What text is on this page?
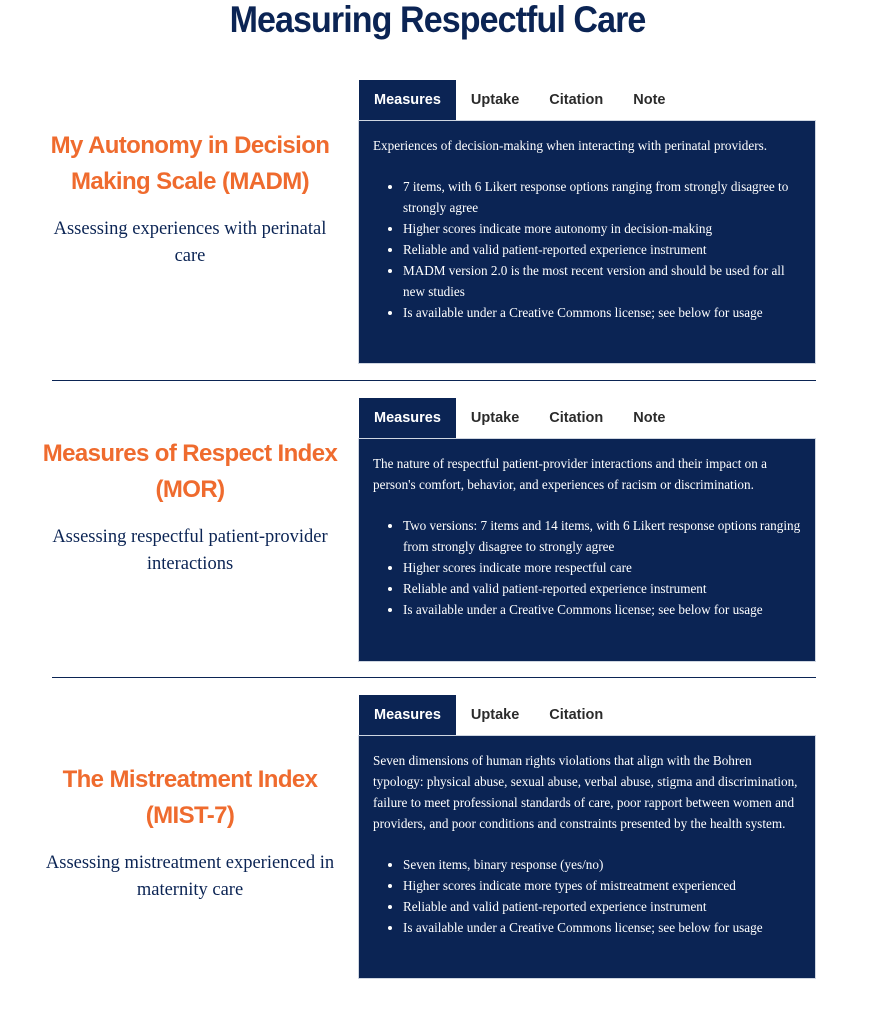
Measuring Respectful Care
My Autonomy in Decision Making Scale (MADM)

Assessing experiences with perinatal care

Measures	Uptake	Citation	Note

Experiences of decision-making when interacting with perinatal providers.

• 7 items, with 6 Likert response options ranging from strongly disagree to strongly agree
• Higher scores indicate more autonomy in decision-making
• Reliable and valid patient-reported experience instrument
• MADM version 2.0 is the most recent version and should be used for all new studies
• Is available under a Creative Commons license; see below for usage
Measures of Respect Index (MOR)

Assessing respectful patient-provider interactions

Measures	Uptake	Citation	Note

The nature of respectful patient-provider interactions and their impact on a person's comfort, behavior, and experiences of racism or discrimination.

• Two versions: 7 items and 14 items, with 6 Likert response options ranging from strongly disagree to strongly agree
• Higher scores indicate more respectful care
• Reliable and valid patient-reported experience instrument
• Is available under a Creative Commons license; see below for usage
The Mistreatment Index (MIST-7)

Assessing mistreatment experienced in maternity care

Measures	Uptake	Citation

Seven dimensions of human rights violations that align with the Bohren typology: physical abuse, sexual abuse, verbal abuse, stigma and discrimination, failure to meet professional standards of care, poor rapport between women and providers, and poor conditions and constraints presented by the health system.

• Seven items, binary response (yes/no)
• Higher scores indicate more types of mistreatment experienced
• Reliable and valid patient-reported experience instrument
• Is available under a Creative Commons license; see below for usage
